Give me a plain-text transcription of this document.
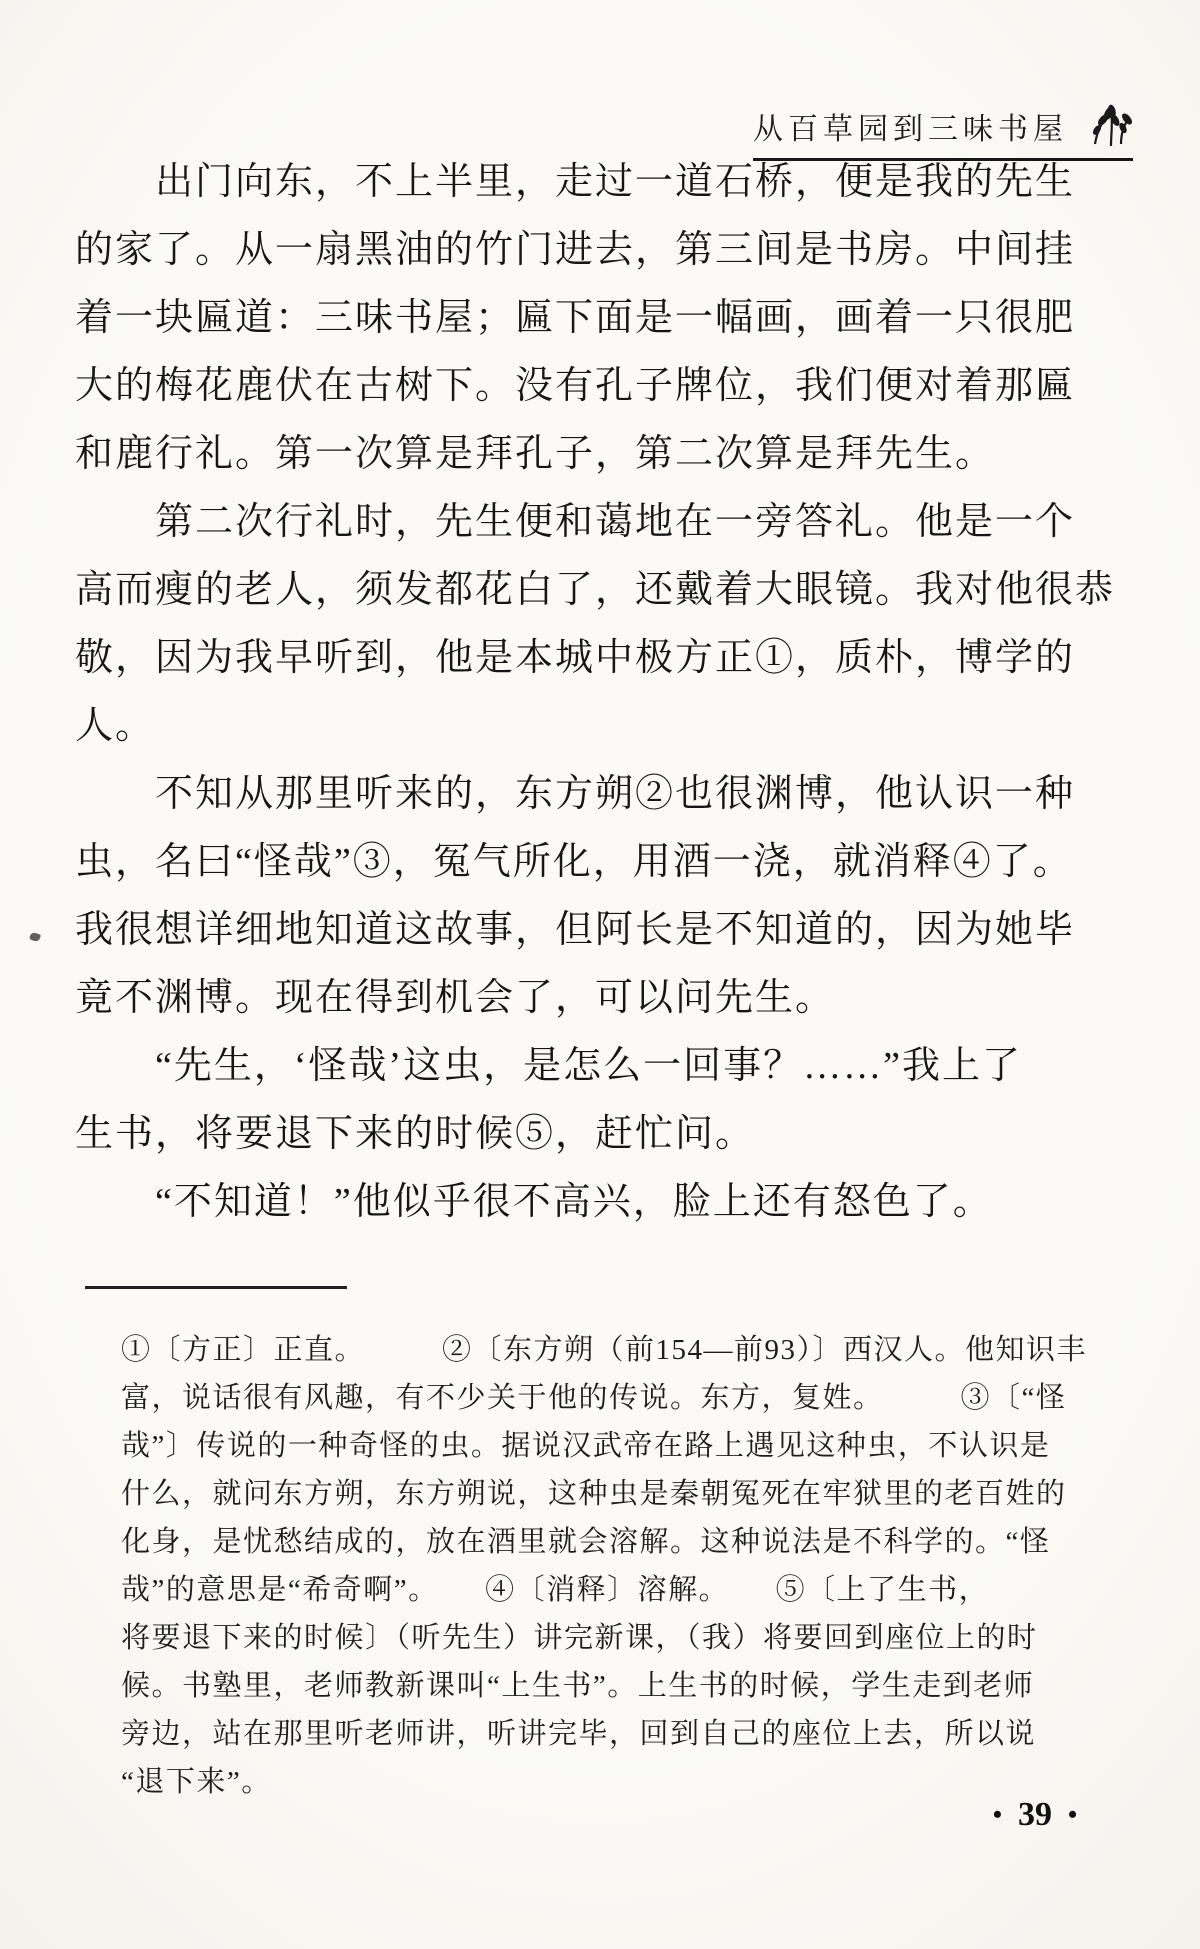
从百草园到三味书屋
　　出门向东，不上半里，走过一道石桥，便是我的先生
的家了。从一扇黑油的竹门进去，第三间是书房。中间挂
着一块匾道：三味书屋；匾下面是一幅画，画着一只很肥
大的梅花鹿伏在古树下。没有孔子牌位，我们便对着那匾
和鹿行礼。第一次算是拜孔子，第二次算是拜先生。
　　第二次行礼时，先生便和蔼地在一旁答礼。他是一个
高而瘦的老人，须发都花白了，还戴着大眼镜。我对他很恭
敬，因为我早听到，他是本城中极方正①，质朴，博学的
人。
　　不知从那里听来的，东方朔②也很渊博，他认识一种
虫，名曰“怪哉”③，冤气所化，用酒一浇，就消释④了。
我很想详细地知道这故事，但阿长是不知道的，因为她毕
竟不渊博。现在得到机会了，可以问先生。
　　“先生，‘怪哉’这虫，是怎么一回事？……”我上了
生书，将要退下来的时候⑤，赶忙问。
　　“不知道！”他似乎很不高兴，脸上还有怒色了。
①〔方正〕正直。　　　②〔东方朔（前154—前93）〕西汉人。他知识丰
富，说话很有风趣，有不少关于他的传说。东方，复姓。　　　③〔“怪
哉”〕传说的一种奇怪的虫。据说汉武帝在路上遇见这种虫，不认识是
什么，就问东方朔，东方朔说，这种虫是秦朝冤死在牢狱里的老百姓的
化身，是忧愁结成的，放在酒里就会溶解。这种说法是不科学的。“怪
哉”的意思是“希奇啊”。　　④〔消释〕溶解。　　⑤〔上了生书，
将要退下来的时候〕（听先生）讲完新课，（我）将要回到座位上的时
候。书塾里，老师教新课叫“上生书”。上生书的时候，学生走到老师
旁边，站在那里听老师讲，听讲完毕，回到自己的座位上去，所以说
“退下来”。
• 39 •
